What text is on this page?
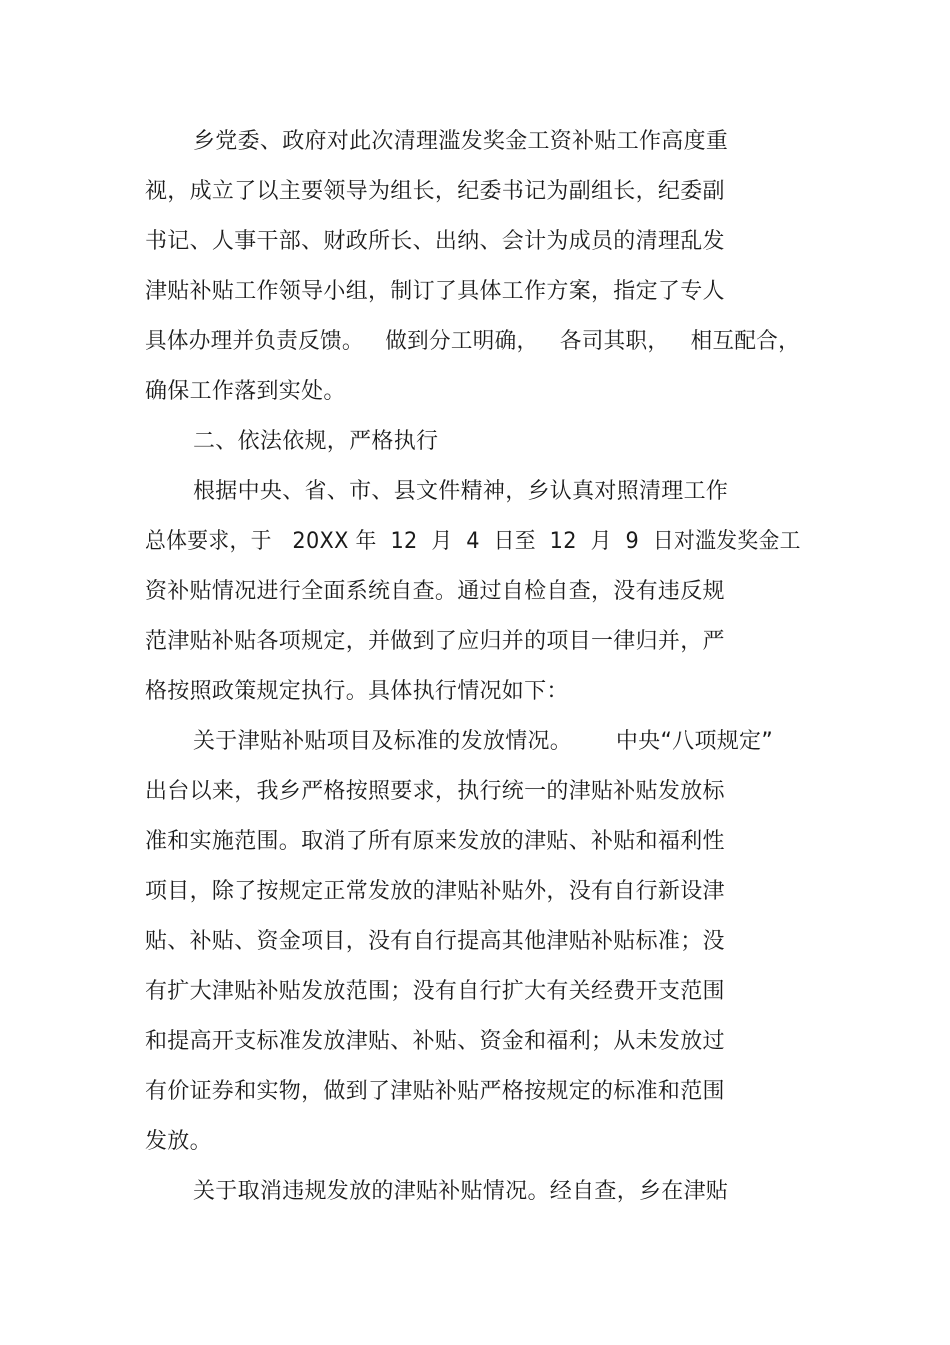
乡党委、政府对此次清理滥发奖金工资补贴工作高度重
视，成立了以主要领导为组长，纪委书记为副组长，纪委副
书记、人事干部、财政所长、出纳、会计为成员的清理乱发
津贴补贴工作领导小组，制订了具体工作方案，指定了专人
具体办理并负责反馈。   做到分工明确，   各司其职，   相互配合，
确保工作落到实处。
二、依法依规，严格执行
根据中央、省、市、县文件精神，乡认真对照清理工作
总体要求，于   20XX 年  12  月  4  日至  12  月  9  日对滥发奖金工
资补贴情况进行全面系统自查。通过自检自查，没有违反规
范津贴补贴各项规定，并做到了应归并的项目一律归并，严
格按照政策规定执行。具体执行情况如下：
关于津贴补贴项目及标准的发放情况。      中央“八项规定”
出台以来，我乡严格按照要求，执行统一的津贴补贴发放标
准和实施范围。取消了所有原来发放的津贴、补贴和福利性
项目，除了按规定正常发放的津贴补贴外，没有自行新设津
贴、补贴、资金项目，没有自行提高其他津贴补贴标准；没
有扩大津贴补贴发放范围；没有自行扩大有关经费开支范围
和提高开支标准发放津贴、补贴、资金和福利；从未发放过
有价证券和实物，做到了津贴补贴严格按规定的标准和范围
发放。
关于取消违规发放的津贴补贴情况。经自查，乡在津贴
